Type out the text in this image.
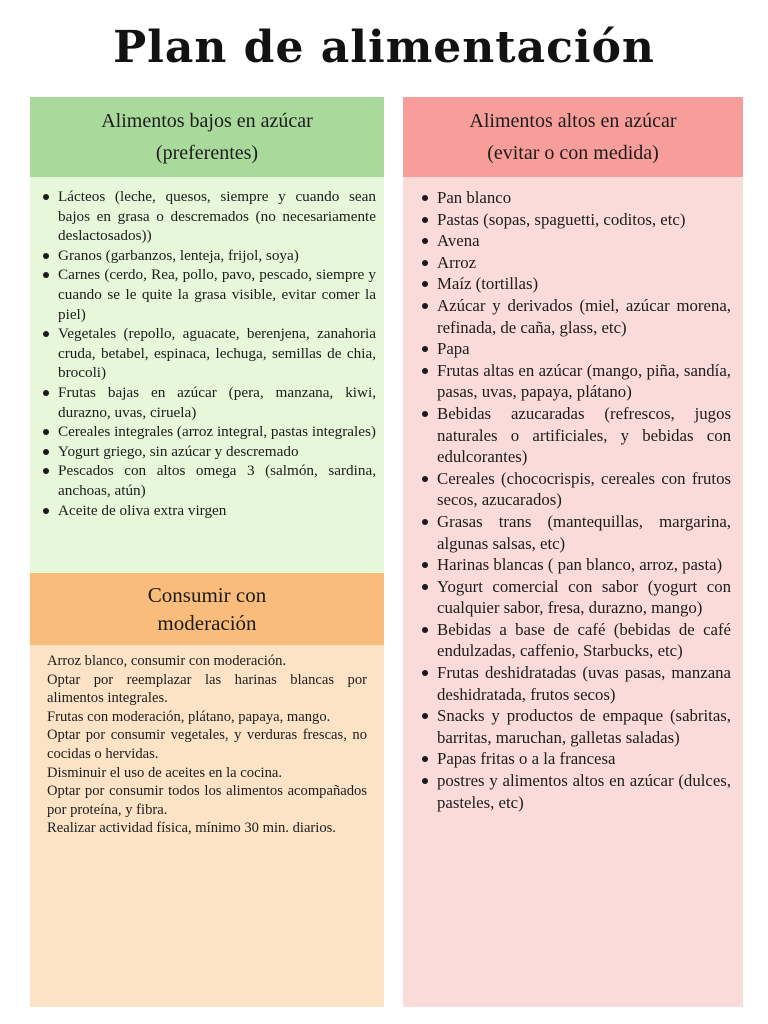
Plan de alimentación
Alimentos bajos en azúcar
(preferentes)
Lácteos (leche, quesos, siempre y cuando sean bajos en grasa o descremados (no necesariamente deslactosados))
Granos (garbanzos, lenteja, frijol, soya)
Carnes (cerdo, Rea, pollo, pavo, pescado, siempre y cuando se le quite la grasa visible, evitar comer la piel)
Vegetales (repollo, aguacate, berenjena, zanahoria cruda, betabel, espinaca, lechuga, semillas de chia, brocoli)
Frutas bajas en azúcar (pera, manzana, kiwi, durazno, uvas, ciruela)
Cereales integrales (arroz integral, pastas integrales)
Yogurt griego, sin azúcar y descremado
Pescados con altos omega 3 (salmón, sardina, anchoas, atún)
Aceite de oliva extra virgen
Consumir con
moderación
Arroz blanco, consumir con moderación.
Optar por reemplazar las harinas blancas por alimentos integrales.
Frutas con moderación, plátano, papaya, mango.
Optar por consumir vegetales, y verduras frescas, no cocidas o hervidas.
Disminuir el uso de aceites en la cocina.
Optar por consumir todos los alimentos acompañados por proteína, y fibra.
Realizar actividad física, mínimo 30 min. diarios.
Alimentos altos en azúcar
(evitar o con medida)
Pan blanco
Pastas (sopas, spaguetti, coditos, etc)
Avena
Arroz
Maíz (tortillas)
Azúcar y derivados (miel, azúcar morena, refinada, de caña, glass, etc)
Papa
Frutas altas en azúcar (mango, piña, sandía, pasas, uvas, papaya, plátano)
Bebidas azucaradas (refrescos, jugos naturales o artificiales, y bebidas con edulcorantes)
Cereales (chococrispis, cereales con frutos secos, azucarados)
Grasas trans (mantequillas, margarina, algunas salsas, etc)
Harinas blancas ( pan blanco, arroz, pasta)
Yogurt comercial con sabor (yogurt con cualquier sabor, fresa, durazno, mango)
Bebidas a base de café (bebidas de café endulzadas, caffenio, Starbucks, etc)
Frutas deshidratadas (uvas pasas, manzana deshidratada, frutos secos)
Snacks y productos de empaque (sabritas, barritas, maruchan, galletas saladas)
Papas fritas o a la francesa
postres y alimentos altos en azúcar (dulces, pasteles, etc)
